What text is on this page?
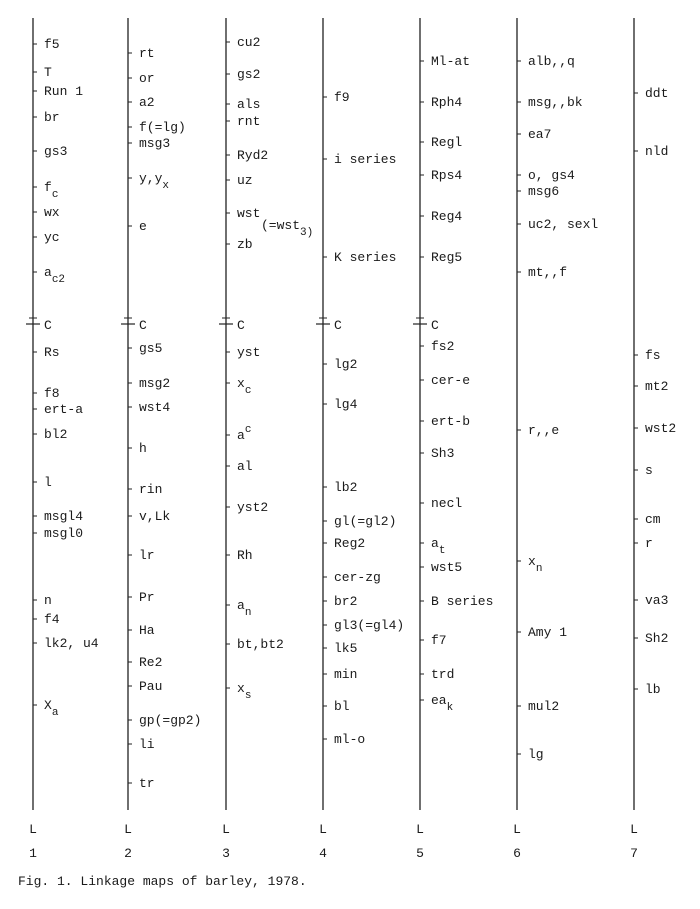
C
f5
T
Run 1
br
gs3
$f_c$
wx
yc
$a_{c2}$
Rs
f8
ert-a
bl2
l
msgl4
msgl0
n
f4
lk2, u4
$X_a$
L
1
C
rt
or
a2
f(=lg)
msg3
$y,y_x$
e
gs5
msg2
wst4
h
rin
v,Lk
lr
Pr
Ha
Re2
Pau
gp(=gp2)
li
tr
L
2
C
cu2
gs2
als
rnt
Ryd2
uz
wst
(=wst$_{3)}$
zb
yst
$x_c$
$a^c$
al
yst2
Rh
$a_n$
bt,bt2
$x_s$
L
3
C
f9
i series
K series
lg2
lg4
lb2
gl(=gl2)
Reg2
cer-zg
br2
gl3(=gl4)
lk5
min
bl
ml-o
L
4
C
Ml-at
Rph4
Regl
Rps4
Reg4
Reg5
fs2
cer-e
ert-b
Sh3
necl
$a_t$
wst5
B series
f7
trd
$ea_k$
L
5
alb,,q
msg,,bk
ea7
o, gs4
msg6
uc2, sexl
mt,,f
r,,e
$x_n$
Amy 1
mul2
lg
L
6
ddt
nld
fs
mt2
wst2
s
cm
r
va3
Sh2
lb
L
7
Fig. 1. Linkage maps of barley, 1978.
